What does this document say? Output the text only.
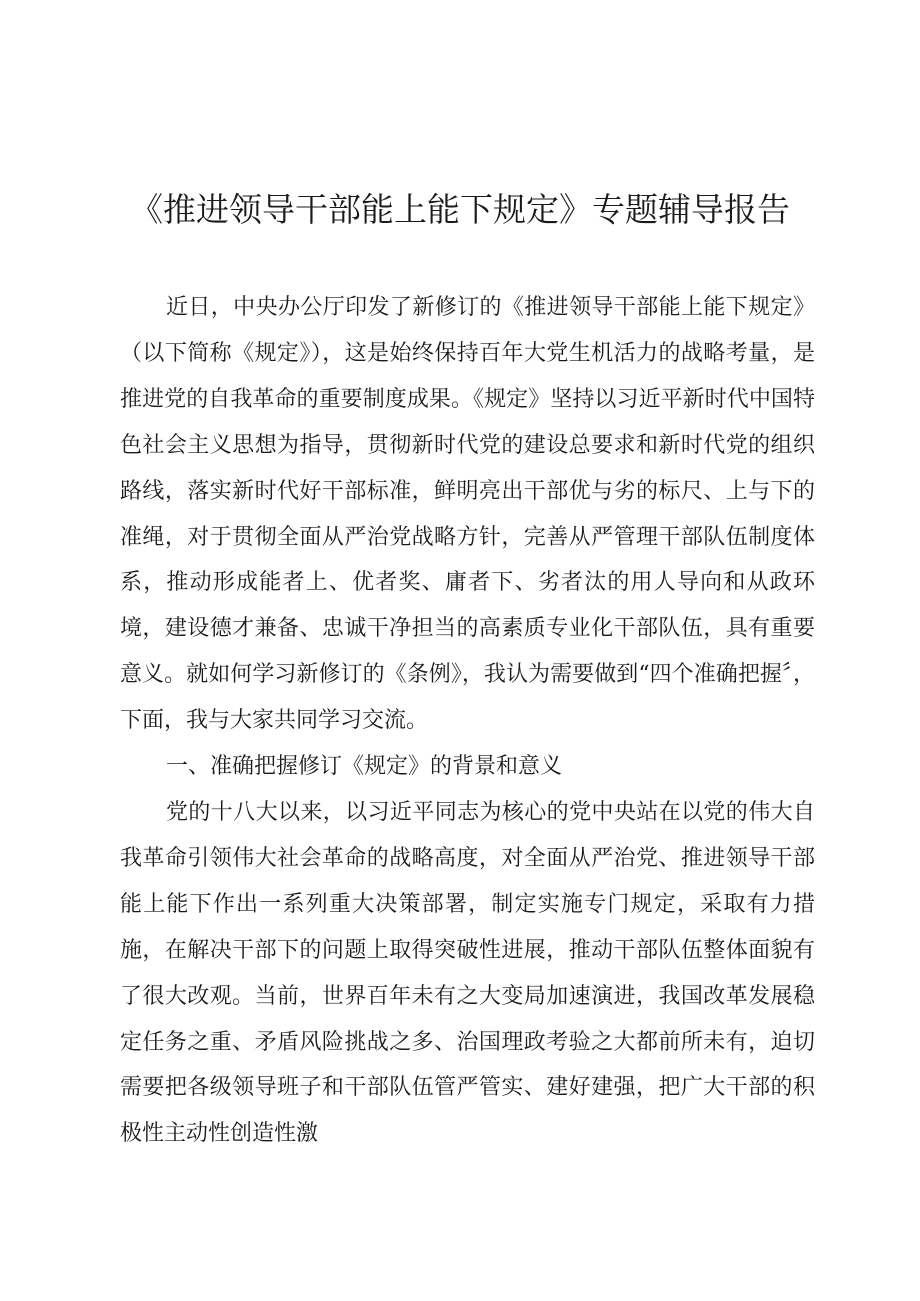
《推进领导干部能上能下规定》专题辅导报告

近日，中央办公厅印发了新修订的《推进领导干部能上能下规定》（以下简称《规定》），这是始终保持百年大党生机活力的战略考量，是推进党的自我革命的重要制度成果。《规定》坚持以习近平新时代中国特色社会主义思想为指导，贯彻新时代党的建设总要求和新时代党的组织路线，落实新时代好干部标准，鲜明亮出干部优与劣的标尺、上与下的准绳，对于贯彻全面从严治党战略方针，完善从严管理干部队伍制度体系，推动形成能者上、优者奖、庸者下、劣者汰的用人导向和从政环境，建设德才兼备、忠诚干净担当的高素质专业化干部队伍，具有重要意义。就如何学习新修订的《条例》，我认为需要做到“四个准确把握〞，下面，我与大家共同学习交流。

一、准确把握修订《规定》的背景和意义

党的十八大以来，以习近平同志为核心的党中央站在以党的伟大自我革命引领伟大社会革命的战略高度，对全面从严治党、推进领导干部能上能下作出一系列重大决策部署，制定实施专门规定，采取有力措施，在解决干部下的问题上取得突破性进展，推动干部队伍整体面貌有了很大改观。当前，世界百年未有之大变局加速演进，我国改革发展稳定任务之重、矛盾风险挑战之多、治国理政考验之大都前所未有，迫切需要把各级领导班子和干部队伍管严管实、建好建强，把广大干部的积极性主动性创造性激
